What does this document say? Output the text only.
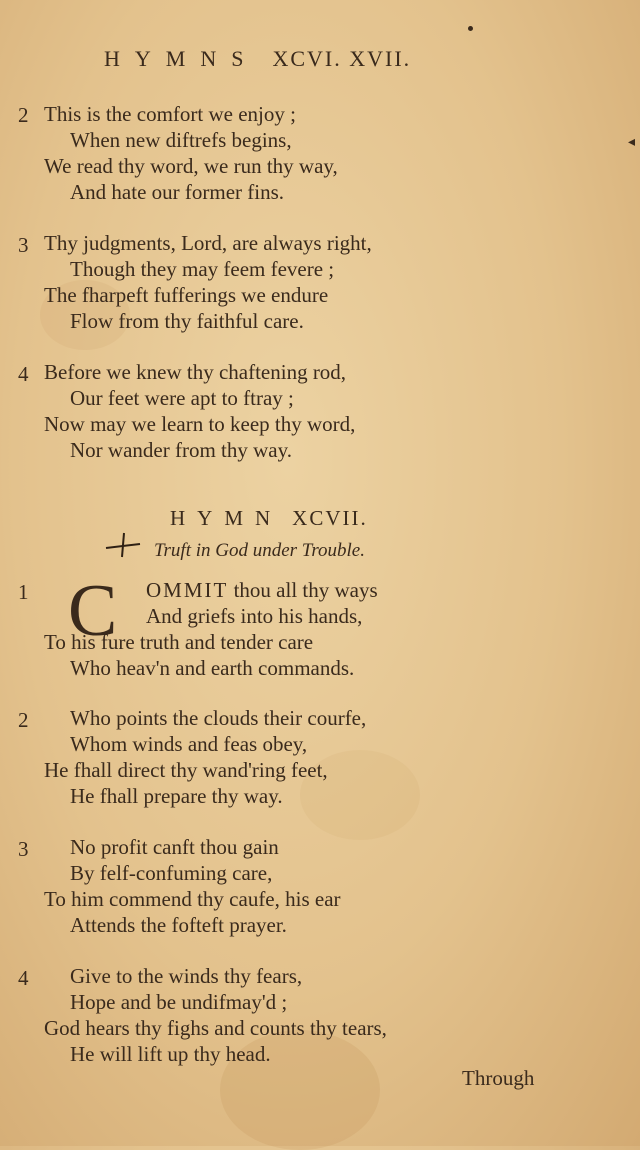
HYMNS XCVI. XVII.
◂
2 This is the comfort we enjoy ;
When new diftrefs begins,
We read thy word, we run thy way,
And hate our former fins.
3 Thy judgments, Lord, are always right,
Though they may feem fevere ;
The fharpeft fufferings we endure
Flow from thy faithful care.
4 Before we knew thy chaftening rod,
Our feet were apt to ftray ;
Now may we learn to keep thy word,
Nor wander from thy way.
HYMN XCVII.
Truft in God under Trouble.
1 C OMMIT thou all thy ways
And griefs into his hands,
To his fure truth and tender care
Who heav'n and earth commands.
2 Who points the clouds their courfe,
Whom winds and feas obey,
He fhall direct thy wand'ring feet,
He fhall prepare thy way.
3 No profit canft thou gain
By felf-confuming care,
To him commend thy caufe, his ear
Attends the fofteft prayer.
4 Give to the winds thy fears,
Hope and be undifmay'd ;
God hears thy fighs and counts thy tears,
He will lift up thy head.
Through
